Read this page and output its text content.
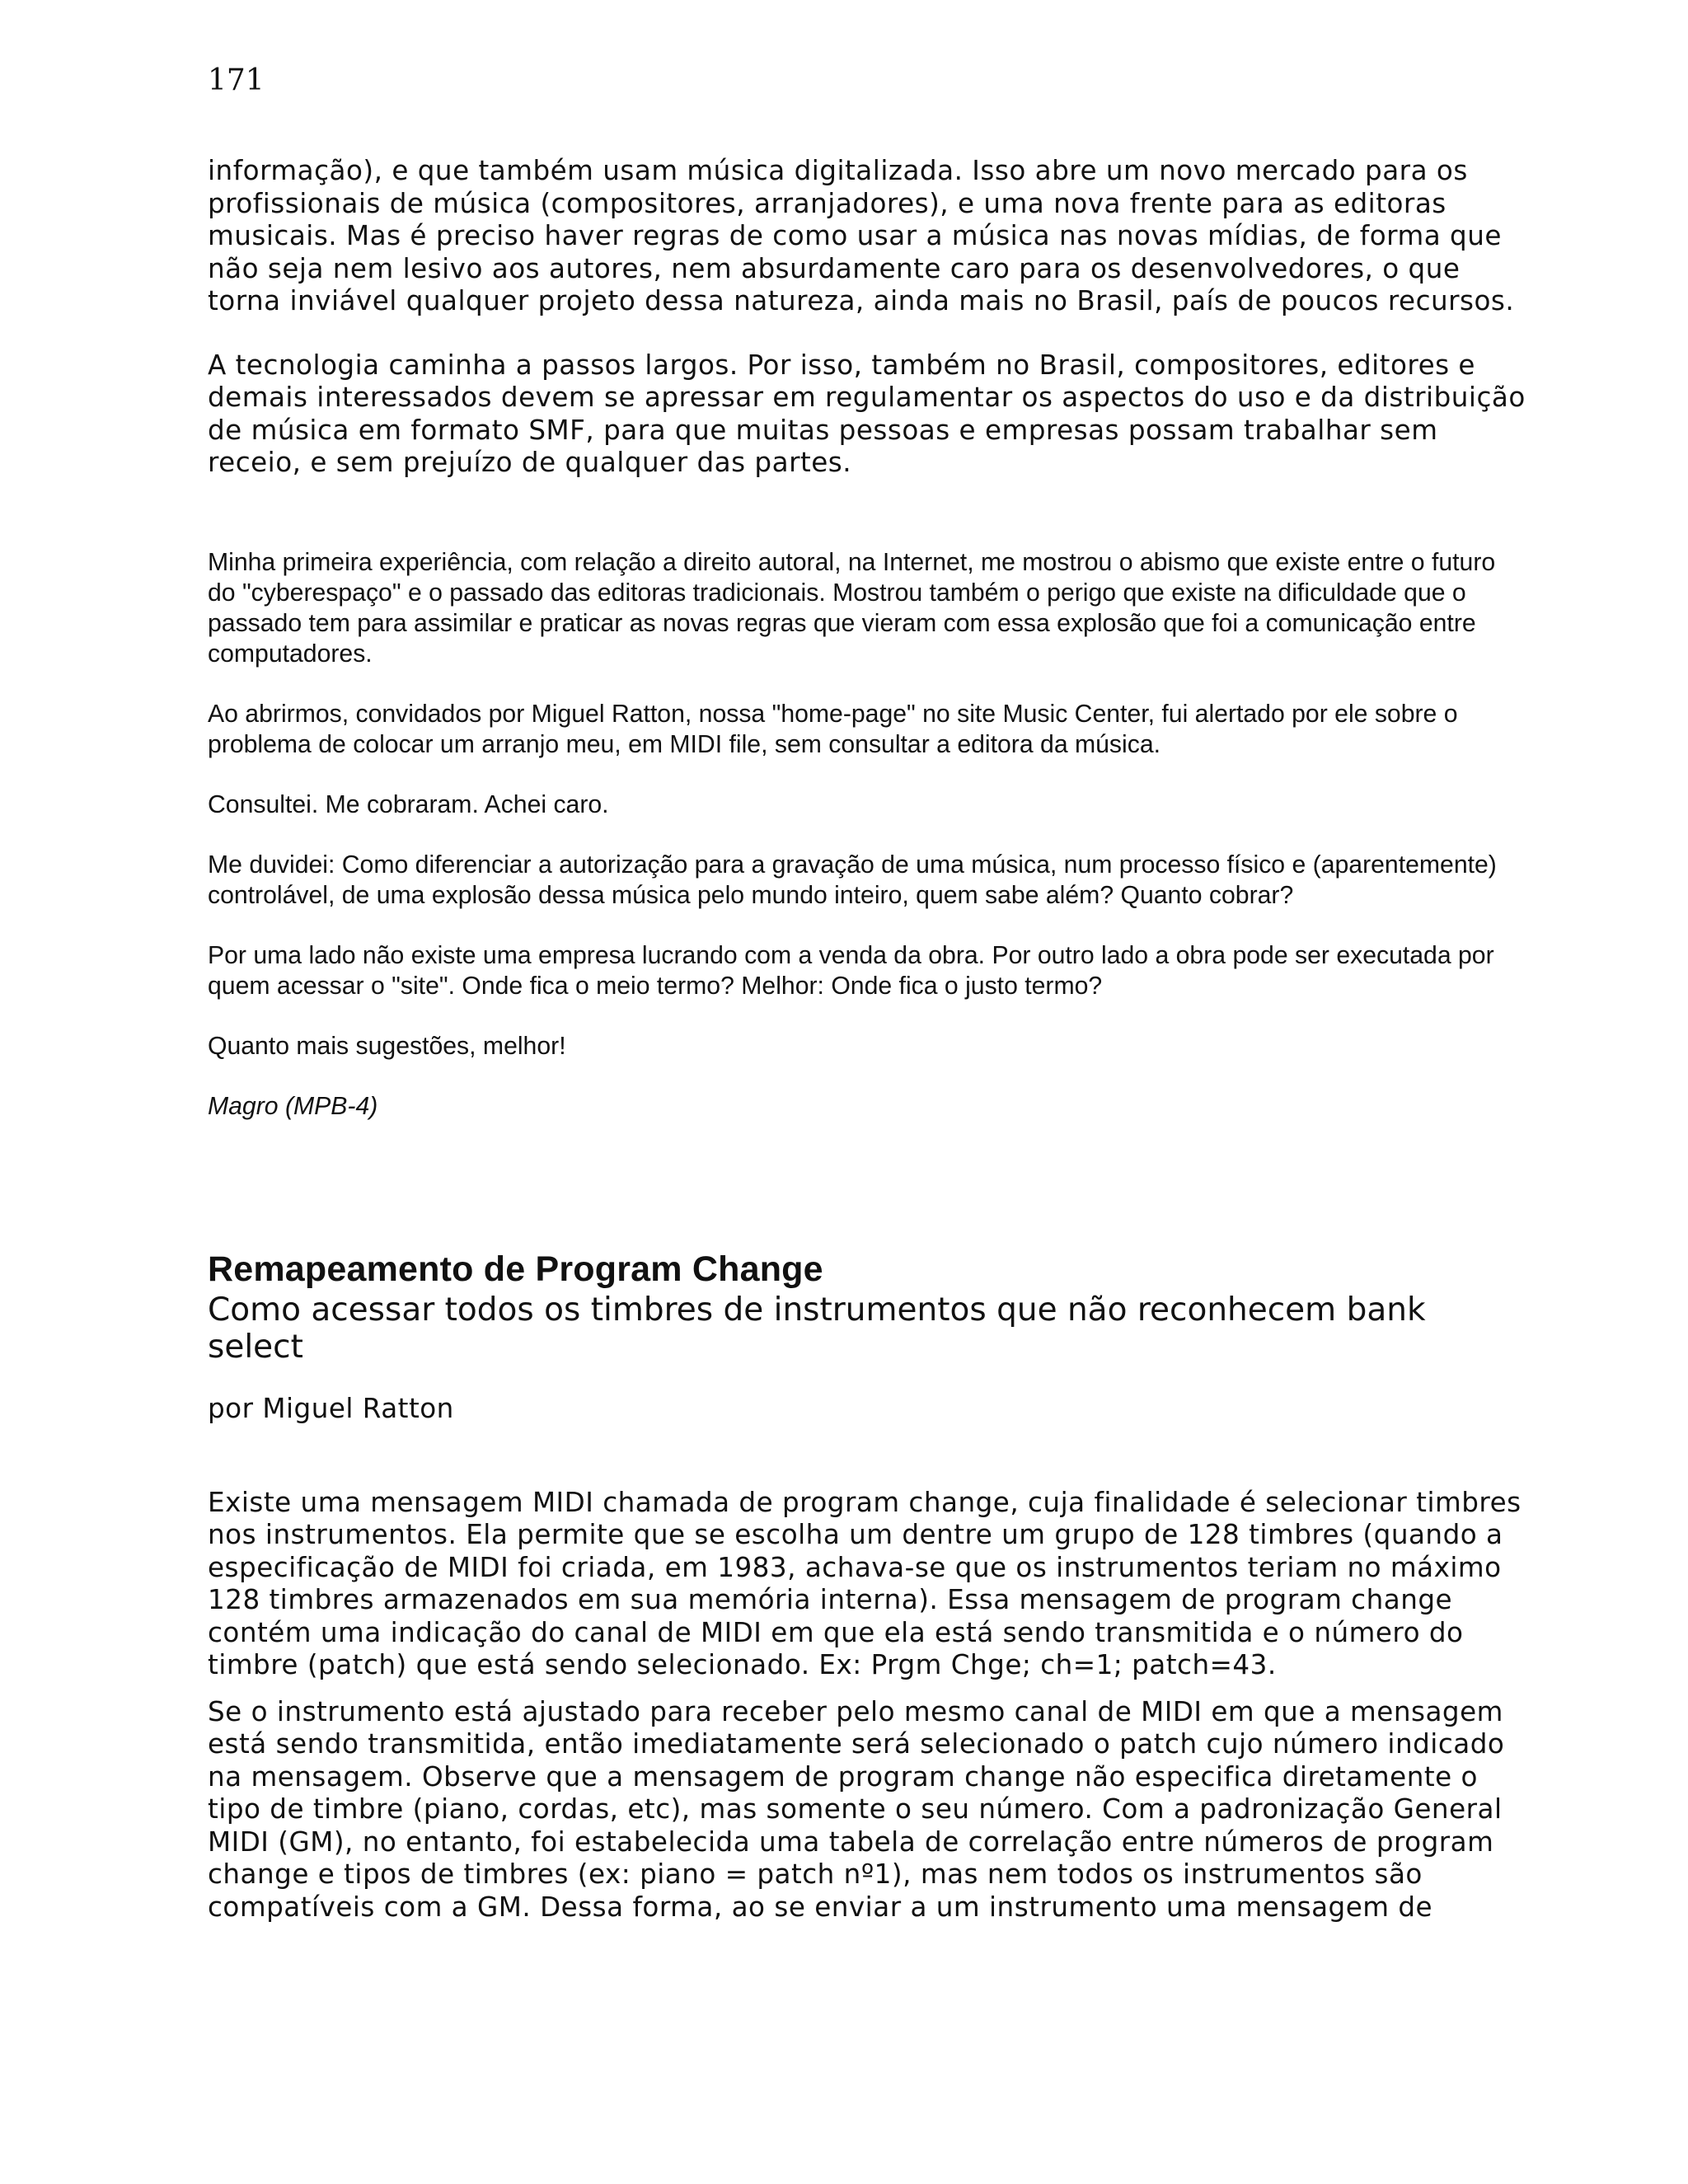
171

informação), e que também usam música digitalizada. Isso abre um novo mercado para os profissionais de música (compositores, arranjadores), e uma nova frente para as editoras musicais. Mas é preciso haver regras de como usar a música nas novas mídias, de forma que não seja nem lesivo aos autores, nem absurdamente caro para os desenvolvedores, o que torna inviável qualquer projeto dessa natureza, ainda mais no Brasil, país de poucos recursos.

A tecnologia caminha a passos largos. Por isso, também no Brasil, compositores, editores e demais interessados devem se apressar em regulamentar os aspectos do uso e da distribuição de música em formato SMF, para que muitas pessoas e empresas possam trabalhar sem receio, e sem prejuízo de qualquer das partes.

Minha primeira experiência, com relação a direito autoral, na Internet, me mostrou o abismo que existe entre o futuro do "cyberespaço" e o passado das editoras tradicionais. Mostrou também o perigo que existe na dificuldade que o passado tem para assimilar e praticar as novas regras que vieram com essa explosão que foi a comunicação entre computadores.

Ao abrirmos, convidados por Miguel Ratton, nossa "home-page" no site Music Center, fui alertado por ele sobre o problema de colocar um arranjo meu, em MIDI file, sem consultar a editora da música.

Consultei. Me cobraram. Achei caro.

Me duvidei: Como diferenciar a autorização para a gravação de uma música, num processo físico e (aparentemente) controlável, de uma explosão dessa música pelo mundo inteiro, quem sabe além? Quanto cobrar?

Por uma lado não existe uma empresa lucrando com a venda da obra. Por outro lado a obra pode ser executada por quem acessar o "site". Onde fica o meio termo? Melhor: Onde fica o justo termo?

Quanto mais sugestões, melhor!

Magro (MPB-4)

Remapeamento de Program Change
Como acessar todos os timbres de instrumentos que não reconhecem bank select
por Miguel Ratton

Existe uma mensagem MIDI chamada de program change, cuja finalidade é selecionar timbres nos instrumentos. Ela permite que se escolha um dentre um grupo de 128 timbres (quando a especificação de MIDI foi criada, em 1983, achava-se que os instrumentos teriam no máximo 128 timbres armazenados em sua memória interna). Essa mensagem de program change contém uma indicação do canal de MIDI em que ela está sendo transmitida e o número do timbre (patch) que está sendo selecionado. Ex: Prgm Chge; ch=1; patch=43.

Se o instrumento está ajustado para receber pelo mesmo canal de MIDI em que a mensagem está sendo transmitida, então imediatamente será selecionado o patch cujo número indicado na mensagem. Observe que a mensagem de program change não especifica diretamente o tipo de timbre (piano, cordas, etc), mas somente o seu número. Com a padronização General MIDI (GM), no entanto, foi estabelecida uma tabela de correlação entre números de program change e tipos de timbres (ex: piano = patch nº1), mas nem todos os instrumentos são compatíveis com a GM. Dessa forma, ao se enviar a um instrumento uma mensagem de
